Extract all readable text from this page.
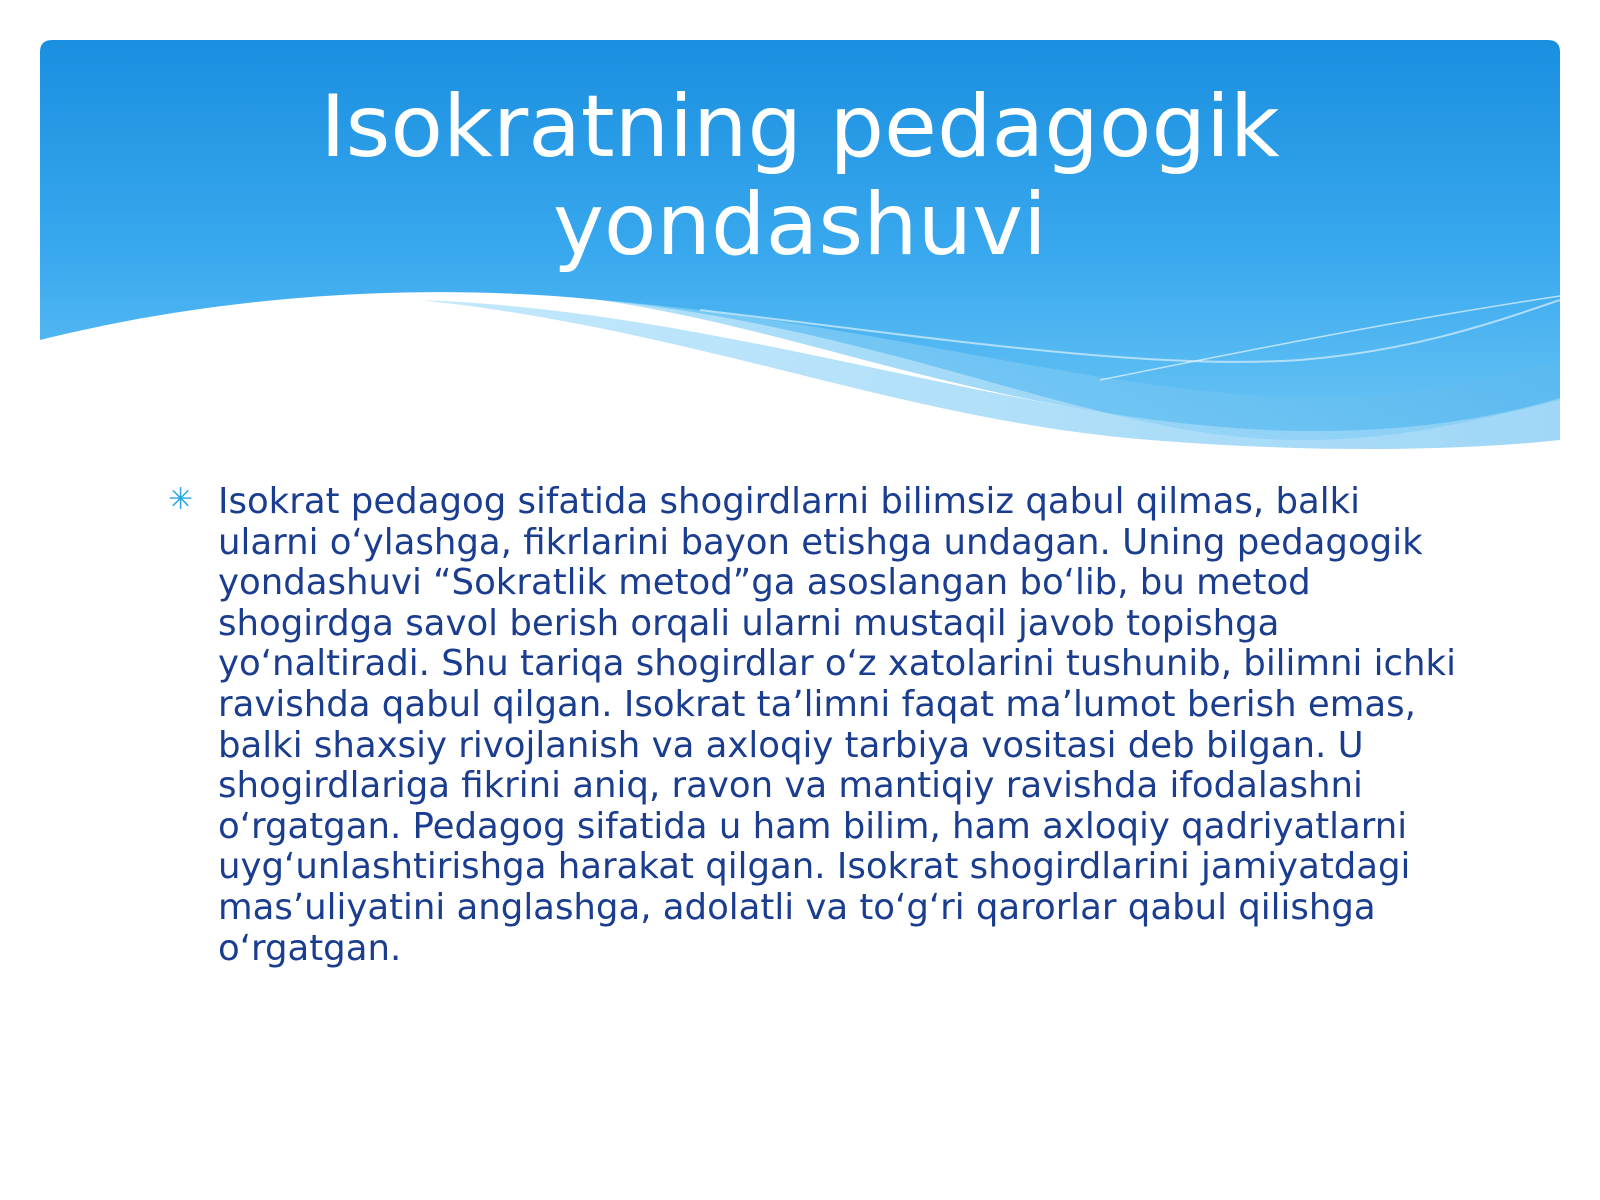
Isokratning pedagogik
yondashuvi
✳ Isokrat pedagog sifatida shogirdlarni bilimsiz qabul qilmas, balki ularni o‘ylashga, fikrlarini bayon etishga undagan. Uning pedagogik yondashuvi “Sokratlik metod”ga asoslangan bo‘lib, bu metod shogirdga savol berish orqali ularni mustaqil javob topishga yo‘naltiradi. Shu tariqa shogirdlar o‘z xatolarini tushunib, bilimni ichki ravishda qabul qilgan. Isokrat ta’limni faqat ma’lumot berish emas, balki shaxsiy rivojlanish va axloqiy tarbiya vositasi deb bilgan. U shogirdlariga fikrini aniq, ravon va mantiqiy ravishda ifodalashni o‘rgatgan. Pedagog sifatida u ham bilim, ham axloqiy qadriyatlarni uyg‘unlashtirishga harakat qilgan. Isokrat shogirdlarini jamiyatdagi mas’uliyatini anglashga, adolatli va to‘g‘ri qarorlar qabul qilishga o‘rgatgan.
